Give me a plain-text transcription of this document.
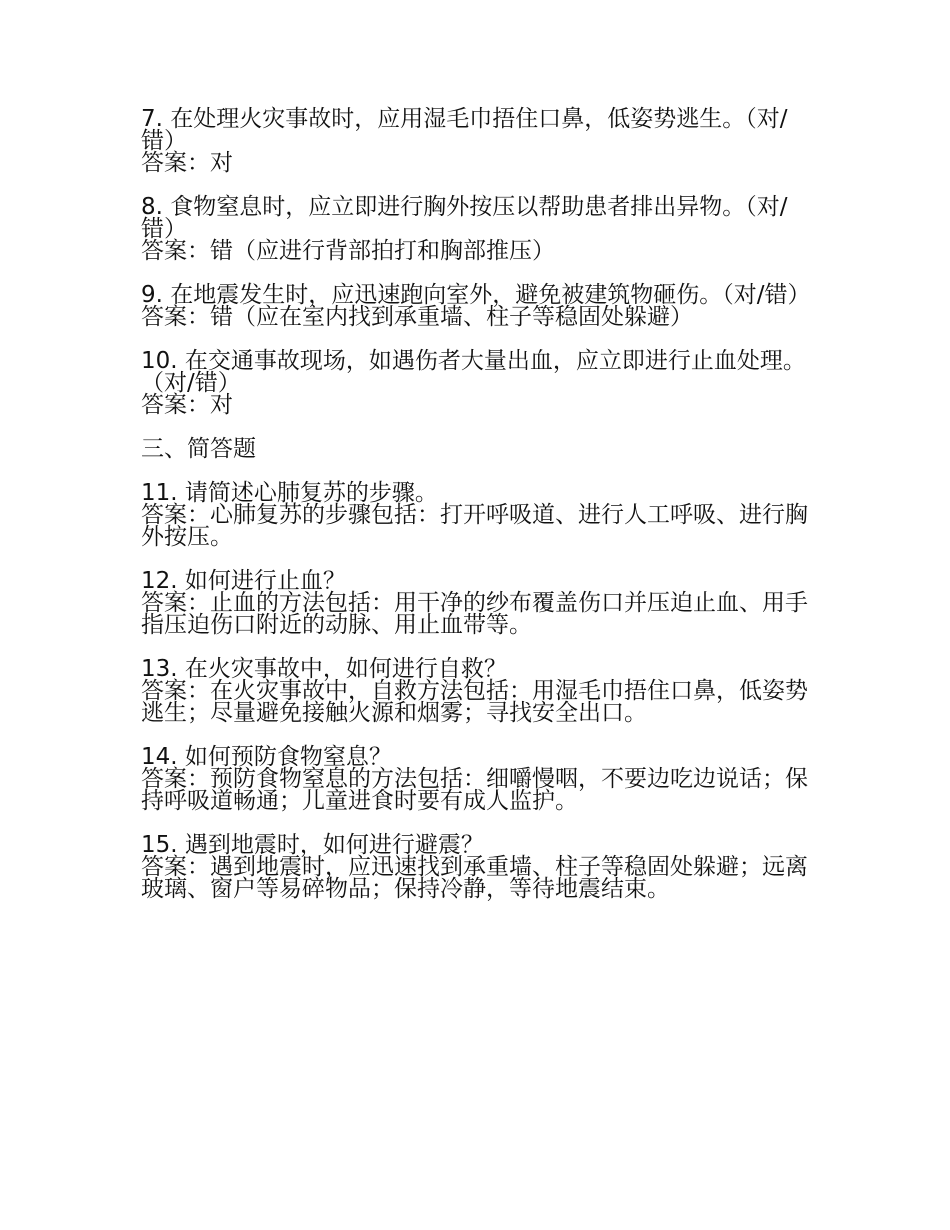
7. 在处理火灾事故时，应用湿毛巾捂住口鼻，低姿势逃生。（对/错）

答案：对

8. 食物窒息时，应立即进行胸外按压以帮助患者排出异物。（对/错）

答案：错（应进行背部拍打和胸部推压）

9. 在地震发生时，应迅速跑向室外，避免被建筑物砸伤。（对/错）

答案：错（应在室内找到承重墙、柱子等稳固处躲避）

10. 在交通事故现场，如遇伤者大量出血，应立即进行止血处理。（对/错）

答案：对

三、简答题

11. 请简述心肺复苏的步骤。

答案：心肺复苏的步骤包括：打开呼吸道、进行人工呼吸、进行胸外按压。

12. 如何进行止血？

答案：止血的方法包括：用干净的纱布覆盖伤口并压迫止血、用手指压迫伤口附近的动脉、用止血带等。

13. 在火灾事故中，如何进行自救？

答案：在火灾事故中，自救方法包括：用湿毛巾捂住口鼻，低姿势逃生；尽量避免接触火源和烟雾；寻找安全出口。

14. 如何预防食物窒息？

答案：预防食物窒息的方法包括：细嚼慢咽，不要边吃边说话；保持呼吸道畅通；儿童进食时要有成人监护。

15. 遇到地震时，如何进行避震？

答案：遇到地震时，应迅速找到承重墙、柱子等稳固处躲避；远离玻璃、窗户等易碎物品；保持冷静，等待地震结束。
